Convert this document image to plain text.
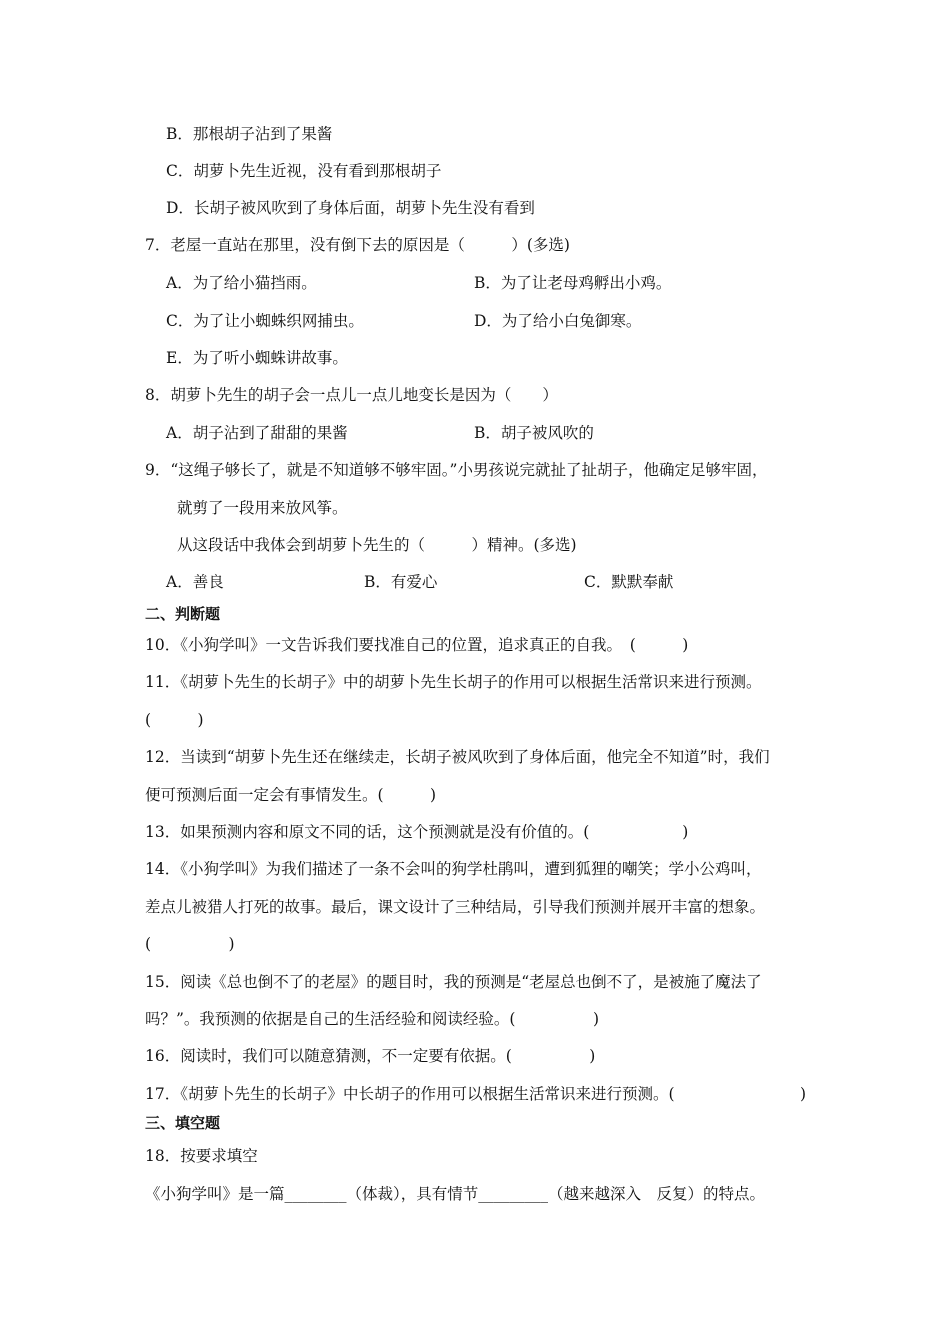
B．那根胡子沾到了果酱
C．胡萝卜先生近视，没有看到那根胡子
D．长胡子被风吹到了身体后面，胡萝卜先生没有看到
7．老屋一直站在那里，没有倒下去的原因是（　　　）(多选)
A．为了给小猫挡雨。	B．为了让老母鸡孵出小鸡。
C．为了让小蜘蛛织网捕虫。	D．为了给小白兔御寒。
E．为了听小蜘蛛讲故事。
8．胡萝卜先生的胡子会一点儿一点儿地变长是因为（　　）
A．胡子沾到了甜甜的果酱	B．胡子被风吹的
9．“这绳子够长了，就是不知道够不够牢固。”小男孩说完就扯了扯胡子，他确定足够牢固，
就剪了一段用来放风筝。
从这段话中我体会到胡萝卜先生的（　　　）精神。(多选)
A．善良	B．有爱心	C．默默奉献
二、判断题
10．《小狗学叫》一文告诉我们要找准自己的位置，追求真正的自我。　(　　　)
11．《胡萝卜先生的长胡子》中的胡萝卜先生长胡子的作用可以根据生活常识来进行预测。
(　　　)
12．当读到“胡萝卜先生还在继续走，长胡子被风吹到了身体后面，他完全不知道”时，我们
便可预测后面一定会有事情发生。(　　　)
13．如果预测内容和原文不同的话，这个预测就是没有价值的。(　　　　　　)
14．《小狗学叫》为我们描述了一条不会叫的狗学杜鹃叫，遭到狐狸的嘲笑；学小公鸡叫，
差点儿被猎人打死的故事。最后，课文设计了三种结局，引导我们预测并展开丰富的想象。
(　　　　　)
15．阅读《总也倒不了的老屋》的题目时，我的预测是“老屋总也倒不了，是被施了魔法了
吗？”。我预测的依据是自己的生活经验和阅读经验。(　　　　　)
16．阅读时，我们可以随意猜测，不一定要有依据。(　　　　　)
17．《胡萝卜先生的长胡子》中长胡子的作用可以根据生活常识来进行预测。(	)
三、填空题
18．按要求填空
《小狗学叫》是一篇________（体裁），具有情节_________（越来越深入　反复）的特点。
